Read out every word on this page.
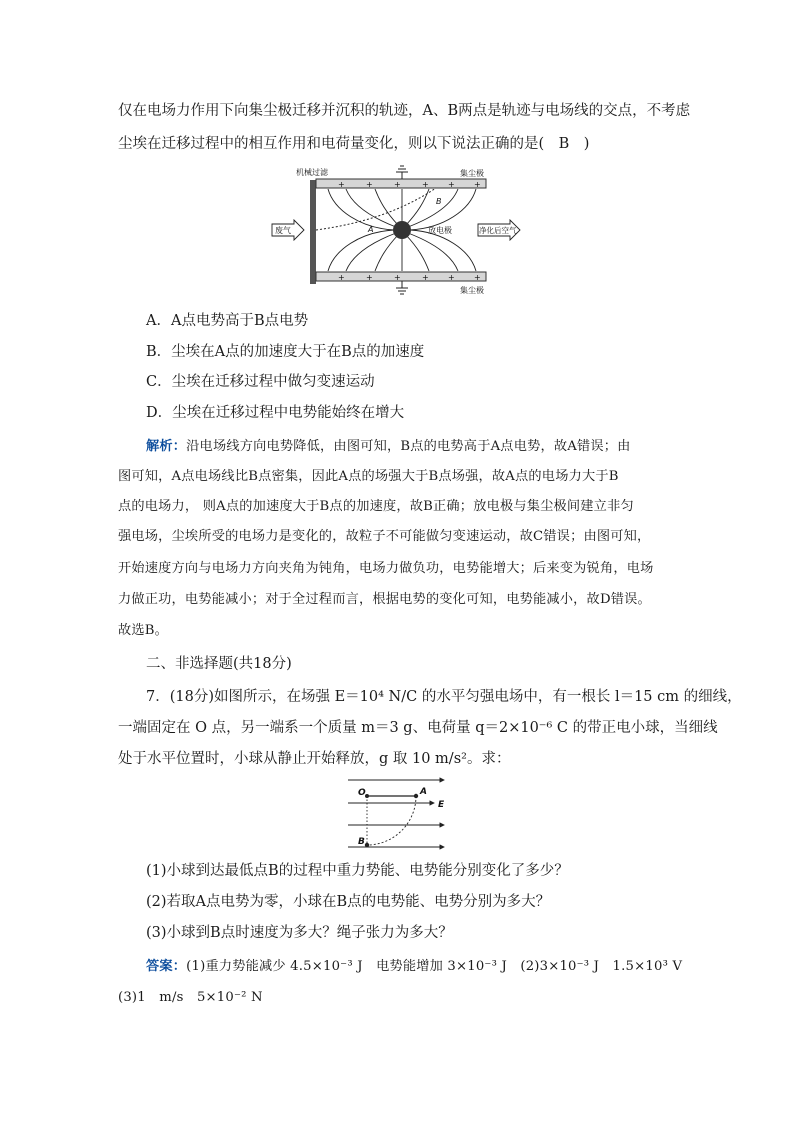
仅在电场力作用下向集尘极迁移并沉积的轨迹，A、B两点是轨迹与电场线的交点，不考虑
尘埃在迁移过程中的相互作用和电荷量变化，则以下说法正确的是(　B　)
+	+	+	+ + +
+	+	+	+ + +
机械过滤	集尘极
集尘极
废气	放电极	净化后空气
A
B
A．A点电势高于B点电势
B．尘埃在A点的加速度大于在B点的加速度
C．尘埃在迁移过程中做匀变速运动
D．尘埃在迁移过程中电势能始终在增大
解析：沿电场线方向电势降低，由图可知，B点的电势高于A点电势，故A错误；由
图可知，A点电场线比B点密集，因此A点的场强大于B点场强，故A点的电场力大于B
点的电场力， 则A点的加速度大于B点的加速度，故B正确；放电极与集尘极间建立非匀
强电场，尘埃所受的电场力是变化的，故粒子不可能做匀变速运动，故C错误；由图可知，
开始速度方向与电场力方向夹角为钝角，电场力做负功，电势能增大；后来变为锐角，电场
力做正功，电势能减小；对于全过程而言，根据电势的变化可知，电势能减小，故D错误。
故选B。
二、非选择题(共18分)
7．(18分)如图所示，在场强 E＝10⁴ N/C 的水平匀强电场中，有一根长 l＝15 cm 的细线，
一端固定在 O 点，另一端系一个质量 m＝3 g、电荷量 q＝2×10⁻⁶ C 的带正电小球，当细线
处于水平位置时，小球从静止开始释放，g 取 10 m/s²。求：
O	A
B
E
(1)小球到达最低点B的过程中重力势能、电势能分别变化了多少？
(2)若取A点电势为零，小球在B点的电势能、电势分别为多大？
(3)小球到B点时速度为多大？绳子张力为多大？
答案：(1)重力势能减少 4.5×10⁻³ J　电势能增加 3×10⁻³ J　(2)3×10⁻³ J　1.5×10³ V
(3)1　m/s　5×10⁻² N
